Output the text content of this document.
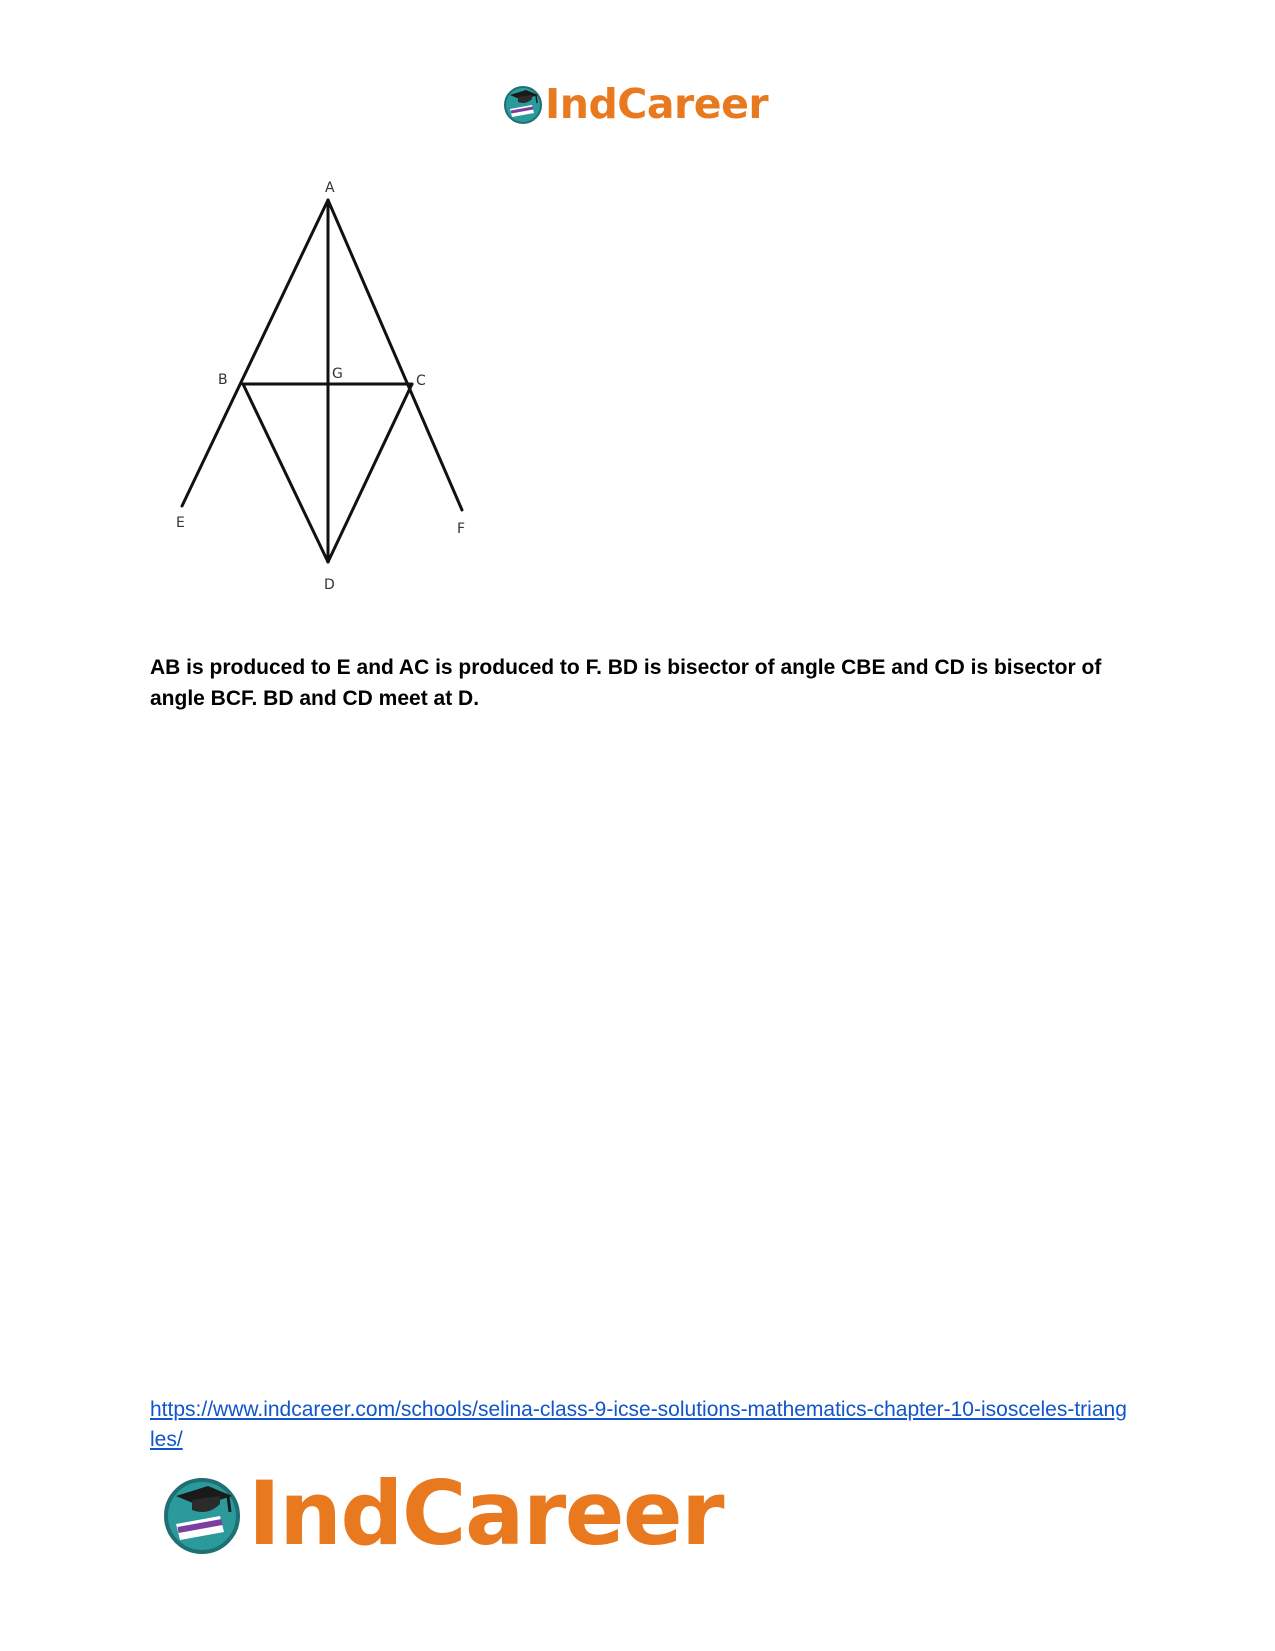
IndCareer
A
B	G	C
E	F
D

AB is produced to E and AC is produced to F. BD is bisector of angle CBE and CD is bisector of angle BCF. BD and CD meet at D.

https://www.indcareer.com/schools/selina-class-9-icse-solutions-mathematics-chapter-10-isosceles-triangles/
IndCareer
